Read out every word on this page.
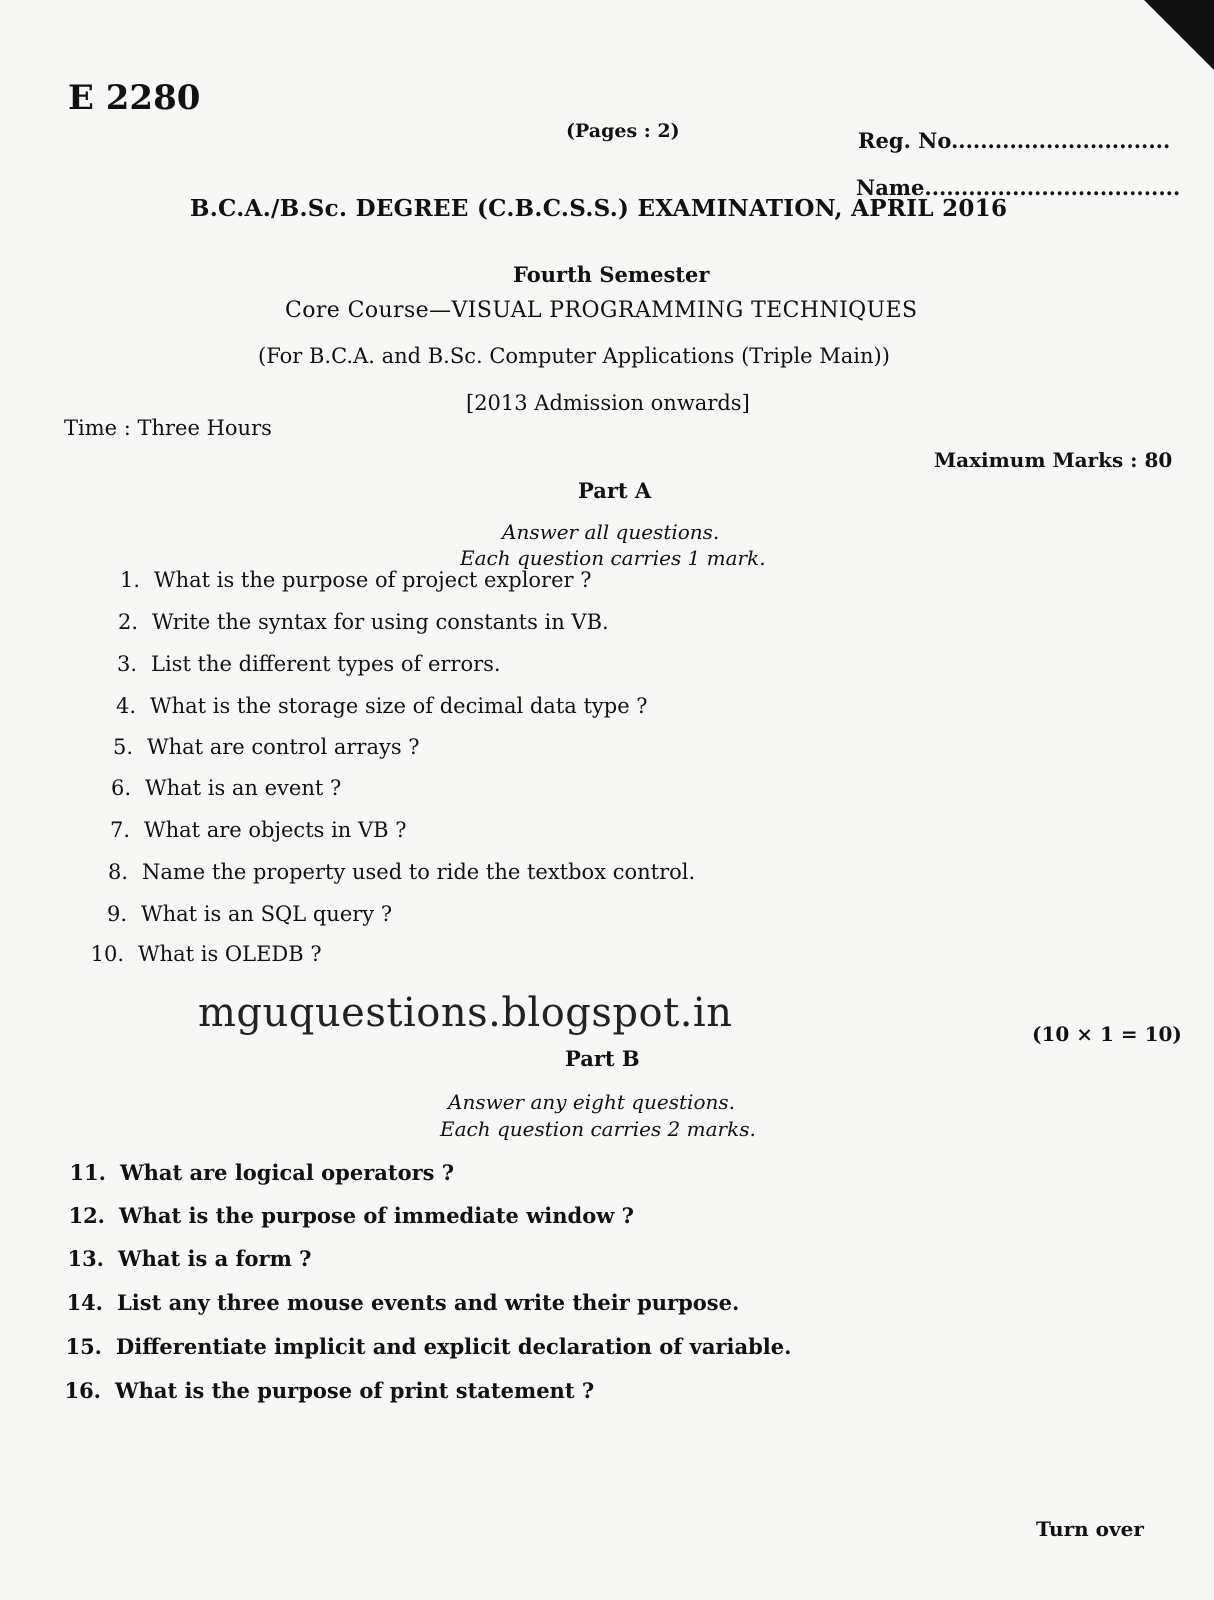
E 2280
(Pages : 2)	Reg. No..............................
Name...................................
B.C.A./B.Sc. DEGREE (C.B.C.S.S.) EXAMINATION, APRIL 2016
Fourth Semester
Core Course—VISUAL PROGRAMMING TECHNIQUES
(For B.C.A. and B.Sc. Computer Applications (Triple Main))
[2013 Admission onwards]
Time : Three Hours
Maximum Marks : 80
Part A
Answer all questions.
Each question carries 1 mark.
1. What is the purpose of project explorer ?
2. Write the syntax for using constants in VB.
3. List the different types of errors.
4. What is the storage size of decimal data type ?
5. What are control arrays ?
6. What is an event ?
7. What are objects in VB ?
8. Name the property used to ride the textbox control.
9. What is an SQL query ?
10. What is OLEDB ?
mguquestions.blogspot.in	(10 × 1 = 10)
Part B
Answer any eight questions.
Each question carries 2 marks.
11. What are logical operators ?
12. What is the purpose of immediate window ?
13. What is a form ?
14. List any three mouse events and write their purpose.
15. Differentiate implicit and explicit declaration of variable.
16. What is the purpose of print statement ?
Turn over
